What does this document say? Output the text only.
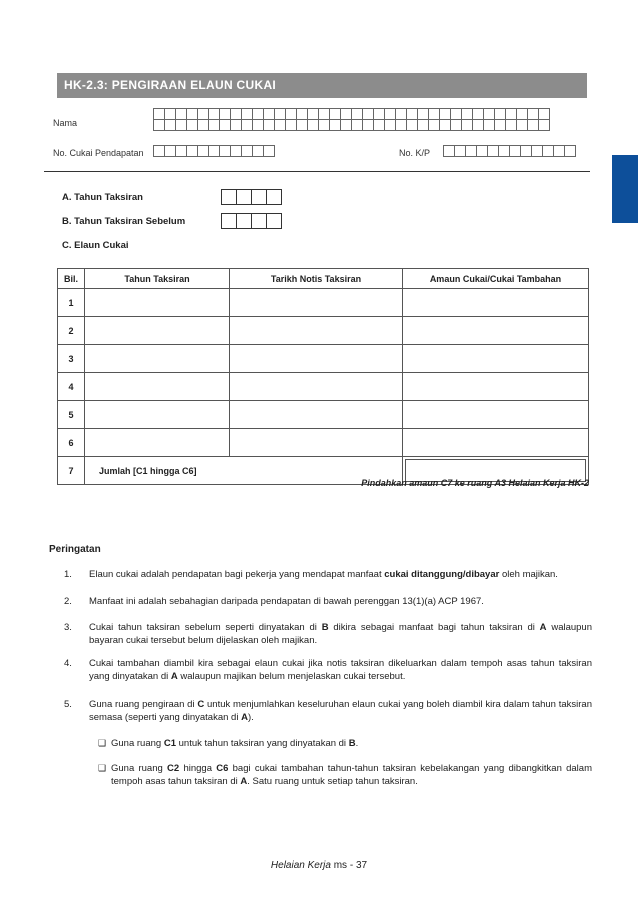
HK-2.3: PENGIRAAN ELAUN CUKAI
Nama
No. Cukai Pendapatan	No. K/P
A. Tahun Taksiran
B. Tahun Taksiran Sebelum
C. Elaun Cukai
Bil.	Tahun Taksiran	Tarikh Notis Taksiran	Amaun Cukai/Cukai Tambahan
1			
2			
3			
4			
5			
6			
7	Jumlah [C1 hingga C6]		
Pindahkan amaun C7 ke ruang A3 Helaian Kerja HK-2
Peringatan
1.	Elaun cukai adalah pendapatan bagi pekerja yang mendapat manfaat cukai ditanggung/dibayar oleh majikan.
2.	Manfaat ini adalah sebahagian daripada pendapatan di bawah perenggan 13(1)(a) ACP 1967.
3.	Cukai tahun taksiran sebelum seperti dinyatakan di B dikira sebagai manfaat bagi tahun taksiran di A walaupun bayaran cukai tersebut belum dijelaskan oleh majikan.
4.	Cukai tambahan diambil kira sebagai elaun cukai jika notis taksiran dikeluarkan dalam tempoh asas tahun taksiran yang dinyatakan di A walaupun majikan belum menjelaskan cukai tersebut.
5.	Guna ruang pengiraan di C untuk menjumlahkan keseluruhan elaun cukai yang boleh diambil kira dalam tahun taksiran semasa (seperti yang dinyatakan di A).
❑ Guna ruang C1 untuk tahun taksiran yang dinyatakan di B.
❑ Guna ruang C2 hingga C6 bagi cukai tambahan tahun-tahun taksiran kebelakangan yang dibangkitkan dalam tempoh asas tahun taksiran di A. Satu ruang untuk setiap tahun taksiran.
Helaian Kerja ms - 37
